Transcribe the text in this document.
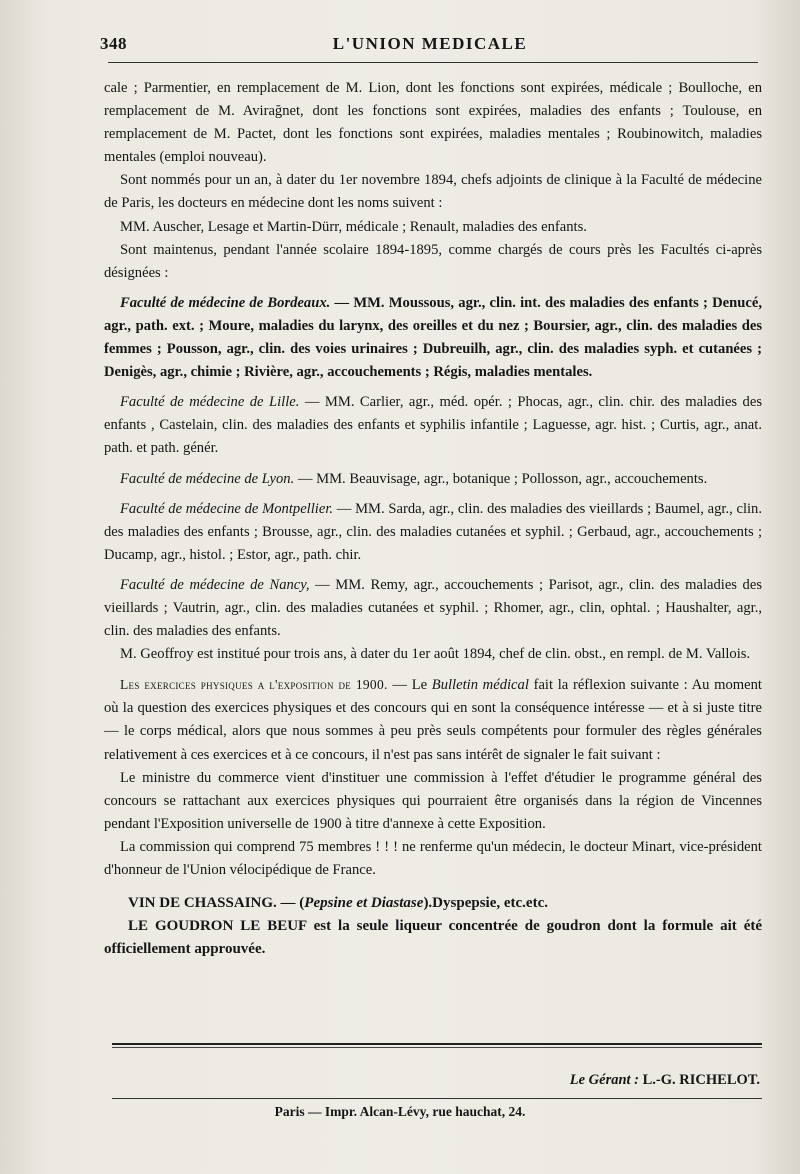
348	L'UNION MEDICALE

cale ; Parmentier, en remplacement de M. Lion, dont les fonctions sont expirées, médicale ; Boulloche, en remplacement de M. Avirağnet, dont les fonctions sont expirées, maladies des enfants ; Toulouse, en remplacement de M. Pactet, dont les fonctions sont expirées, maladies mentales ; Roubinowitch, maladies mentales (emploi nouveau).

Sont nommés pour un an, à dater du 1er novembre 1894, chefs adjoints de clinique à la Faculté de médecine de Paris, les docteurs en médecine dont les noms suivent :

MM. Auscher, Lesage et Martin-Dürr, médicale ; Renault, maladies des enfants.

Sont maintenus, pendant l'année scolaire 1894-1895, comme chargés de cours près les Facultés ci-après désignées :

Faculté de médecine de Bordeaux. — MM. Moussous, agr., clin. int. des maladies des enfants ; Denucé, agr., path. ext. ; Moure, maladies du larynx, des oreilles et du nez ; Boursier, agr., clin. des maladies des femmes ; Pousson, agr., clin. des voies urinaires ; Dubreuilh, agr., clin. des maladies syph. et cutanées ; Denigès, agr., chimie ; Rivière, agr., accouchements ; Régis, maladies mentales.

Faculté de médecine de Lille. — MM. Carlier, agr., méd. opér. ; Phocas, agr., clin. chir. des maladies des enfants , Castelain, clin. des maladies des enfants et syphilis infantile ; Laguesse, agr. hist. ; Curtis, agr., anat. path. et path. génér.

Faculté de médecine de Lyon. — MM. Beauvisage, agr., botanique ; Pollosson, agr., accouchements.

Faculté de médecine de Montpellier. — MM. Sarda, agr., clin. des maladies des vieillards ; Baumel, agr., clin. des maladies des enfants ; Brousse, agr., clin. des maladies cutanées et syphil. ; Gerbaud, agr., accouchements ; Ducamp, agr., histol. ; Estor, agr., path. chir.

Faculté de médecine de Nancy, — MM. Remy, agr., accouchements ; Parisot, agr., clin. des maladies des vieillards ; Vautrin, agr., clin. des maladies cutanées et syphil. ; Rhomer, agr., clin, ophtal. ; Haushalter, agr., clin. des maladies des enfants.

M. Geoffroy est institué pour trois ans, à dater du 1er août 1894, chef de clin. obst., en rempl. de M. Vallois.

Les exercices physiques a l'exposition de 1900. — Le Bulletin médical fait la réflexion suivante : Au moment où la question des exercices physiques et des concours qui en sont la conséquence intéresse — et à si juste titre — le corps médical, alors que nous sommes à peu près seuls compétents pour formuler des règles générales relativement à ces exercices et à ce concours, il n'est pas sans intérêt de signaler le fait suivant :

Le ministre du commerce vient d'instituer une commission à l'effet d'étudier le programme général des concours se rattachant aux exercices physiques qui pourraient être organisés dans la région de Vincennes pendant l'Exposition universelle de 1900 à titre d'annexe à cette Exposition.

La commission qui comprend 75 membres ! ! ! ne renferme qu'un médecin, le docteur Minart, vice-président d'honneur de l'Union vélocipédique de France.

VIN DE CHASSAING. — (Pepsine et Diastase).Dyspepsie, etc.etc.

LE GOUDRON LE BEUF est la seule liqueur concentrée de goudron dont la formule ait été officiellement approuvée.

Le Gérant : L.-G. RICHELOT.
Paris — Impr. Alcan-Lévy, rue hauchat, 24.
